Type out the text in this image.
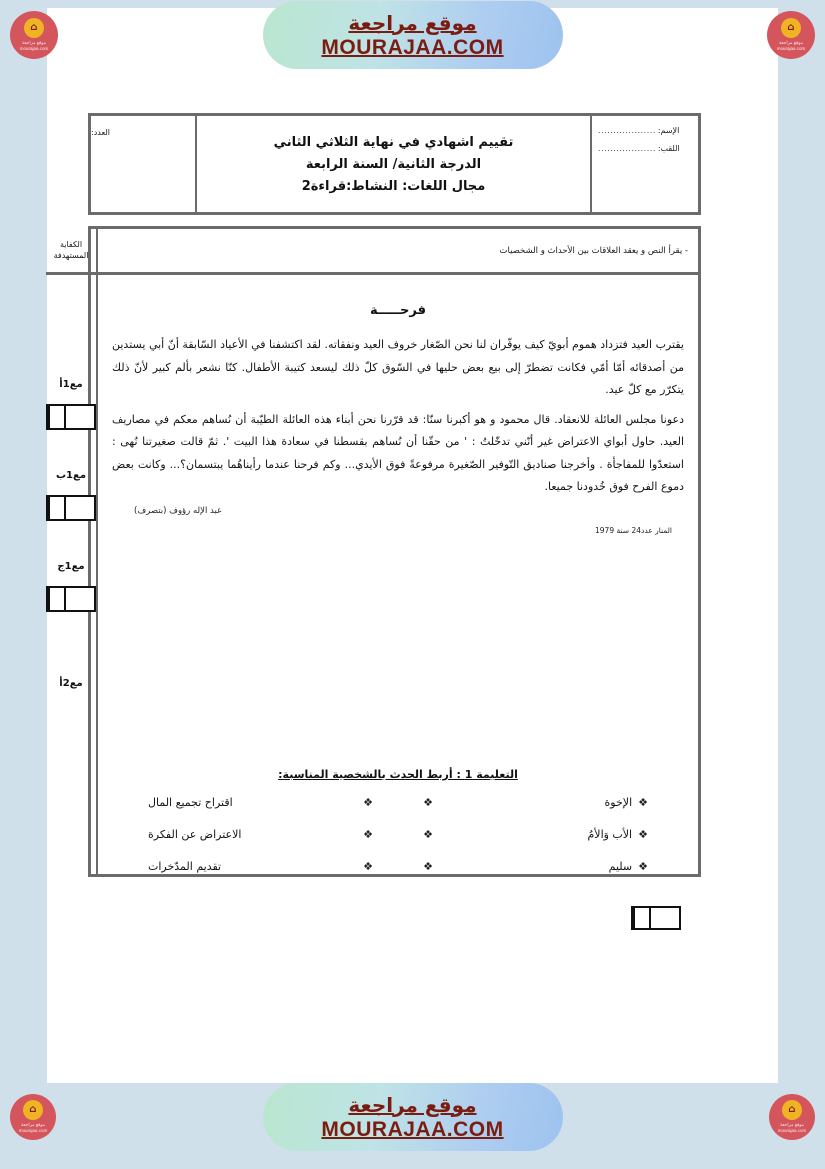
⌂
موقع مراجعة mourajaa.com
موقع مراجعة
MOURAJAA.COM
⌂
موقع مراجعة mourajaa.com
الإسم:
...................
اللقب:
...................
تقييم اشهادي في نهاية الثلاثي الثاني
الدرجة الثانية/ السنة الرابعة
مجال اللغات: النشاط:قراءة2
العدد:
الكفاية
المستهدفة
مع1أ
مع1ب
مع1ج
مع2أ
- يقرأ النص و يعقد العلاقات بين الأحداث و الشخصيات
فرحـــــة

يقترب العيد فتزداد هموم أبويّ كيف يوفّران لنا نحن الصّغار خروف العيد ونفقاته. لقد اكتشفنا في الأعياد السّابقة أنّ أبي يستدين من أصدقائه أمّا أمّي فكانت تضطرّ إلى بيع بعض حليها في السّوق كلّ ذلك ليسعد كتيبة الأطفال. كنّا نشعر بألم كبير لأنّ ذلك يتكرّر مع كلّ عيد.

دعونا مجلس العائلة للانعقاد. قال محمود و هو أكبرنا سنّا: قد قرّرنا نحن أبناء هذه العائلة الطيّبة أن نُساهم معكم في مصاريف العيد. حاول أبواي الاعتراض غير أنّني تدخّلتُ : ' من حقّنا أن نُساهم بقسطنا في سعادة هذا البيت '. ثمّ قالت صغيرتنا نُهى : استعدّوا للمفاجأة . وأخرجنا صناديق التّوفير الصّغيرة مرفوعةً فوق الأيدي... وكم فرحنا عندما رأيناهُما يبتسمان؟... وكانت بعض دموع الفرح فوق خُدودنا جميعا.

عبد الإله رؤوف (بتصرف)
المنار عدد24 سنة 1979
التعليمة 1 : أربط الحدث بالشخصية المناسبة:
❖
الإخوة
❖
الأب وَالأمُ
❖
سليم
❖
❖
❖
❖
❖
❖
اقتراح تجميع المال
الاعتراض عن الفكرة
تقديم المدّخرات
⌂
موقع مراجعة mourajaa.com
موقع مراجعة
MOURAJAA.COM
⌂
موقع مراجعة mourajaa.com
